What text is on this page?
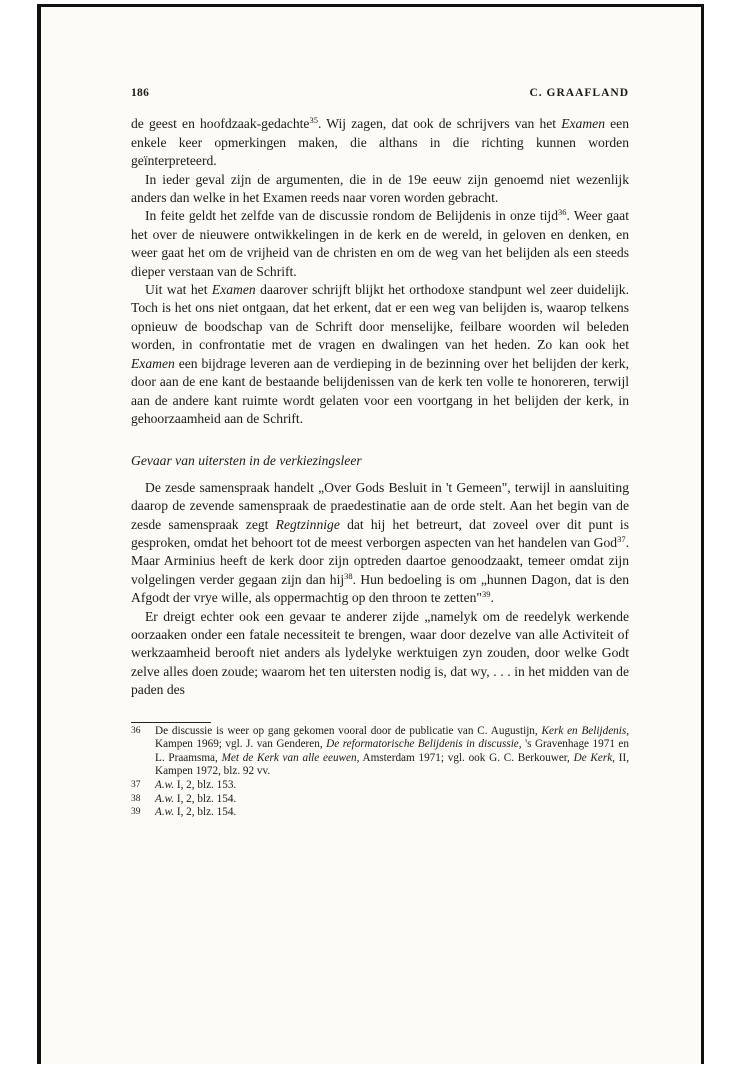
186	C. GRAAFLAND

de geest en hoofdzaak-gedachte$^{35}$. Wij zagen, dat ook de schrijvers van het Examen een enkele keer opmerkingen maken, die althans in die richting kunnen worden geïnterpreteerd.

In ieder geval zijn de argumenten, die in de 19e eeuw zijn genoemd niet wezenlijk anders dan welke in het Examen reeds naar voren worden gebracht.

In feite geldt het zelfde van de discussie rondom de Belijdenis in onze tijd$^{36}$. Weer gaat het over de nieuwere ontwikkelingen in de kerk en de wereld, in geloven en denken, en weer gaat het om de vrijheid van de christen en om de weg van het belijden als een steeds dieper verstaan van de Schrift.

Uit wat het Examen daarover schrijft blijkt het orthodoxe standpunt wel zeer duidelijk. Toch is het ons niet ontgaan, dat het erkent, dat er een weg van belijden is, waarop telkens opnieuw de boodschap van de Schrift door menselijke, feilbare woorden wil beleden worden, in confrontatie met de vragen en dwalingen van het heden. Zo kan ook het Examen een bijdrage leveren aan de verdieping in de bezinning over het belijden der kerk, door aan de ene kant de bestaande belijdenissen van de kerk ten volle te honoreren, terwijl aan de andere kant ruimte wordt gelaten voor een voortgang in het belijden der kerk, in gehoorzaamheid aan de Schrift.

Gevaar van uitersten in de verkiezingsleer

De zesde samenspraak handelt „Over Gods Besluit in 't Gemeen", terwijl in aansluiting daarop de zevende samenspraak de praedestinatie aan de orde stelt. Aan het begin van de zesde samenspraak zegt Regtzinnige dat hij het betreurt, dat zoveel over dit punt is gesproken, omdat het behoort tot de meest verborgen aspecten van het handelen van God$^{37}$. Maar Arminius heeft de kerk door zijn optreden daartoe genoodzaakt, temeer omdat zijn volgelingen verder gegaan zijn dan hij$^{38}$. Hun bedoeling is om „hunnen Dagon, dat is den Afgodt der vrye wille, als oppermachtig op den throon te zetten"$^{39}$.

Er dreigt echter ook een gevaar te anderer zijde „namelyk om de reedelyk werkende oorzaaken onder een fatale necessiteit te brengen, waar door dezelve van alle Activiteit of werkzaamheid berooft niet anders als lydelyke werktuigen zyn zouden, door welke Godt zelve alles doen zoude; waarom het ten uitersten nodig is, dat wy, . . . in het midden van de paden des

36	De discussie is weer op gang gekomen vooral door de publicatie van C. Augustijn, Kerk en Belijdenis, Kampen 1969; vgl. J. van Genderen, De reformatorische Belijdenis in discussie, 's Gravenhage 1971 en L. Praamsma, Met de Kerk van alle eeuwen, Amsterdam 1971; vgl. ook G. C. Berkouwer, De Kerk, II, Kampen 1972, blz. 92 vv.
37	A.w. I, 2, blz. 153.
38	A.w. I, 2, blz. 154.
39	A.w. I, 2, blz. 154.
